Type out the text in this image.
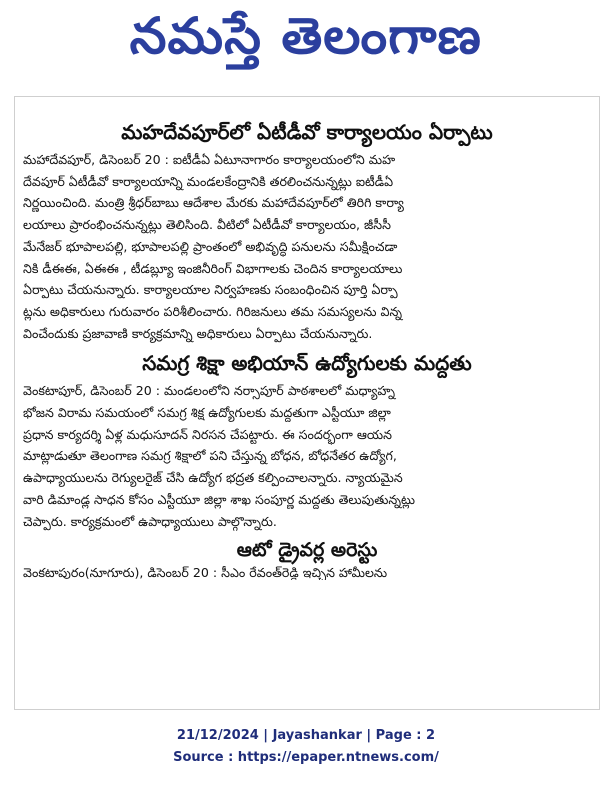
నమస్తే తెలంగాణ
మహదేవపూర్‌లో ఏటీడీవో కార్యాలయం ఏర్పాటు
మహాదేవపూర్‌, డిసెంబర్‌ 20 : ఐటీడీఏ ఏటూనాగారం కార్యాలయంలోని మహ
దేవపూర్‌ ఏటీడీవో కార్యాలయాన్ని మండలకేంద్రానికి తరలించనున్నట్లు ఐటీడీఏ
నిర్ణయించింది. మంత్రి శ్రీధర్‌బాబు ఆదేశాల మేరకు మహాదేవపూర్‌లో తిరిగి కార్యా
లయాలు ప్రారంభించనున్నట్లు తెలిసింది. వీటిలో ఏటీడీవో కార్యాలయం, జీసీసీ
మేనేజర్‌ భూపాలపల్లి, భూపాలపల్లి ప్రాంతంలో అభివృద్ధి పనులను సమీక్షించడా
నికి డీఈఈ, ఏఈఈ , టీడబ్ల్యూ ఇంజినీరింగ్‌ విభాగాలకు చెందిన కార్యాలయాలు
ఏర్పాటు చేయనున్నారు. కార్యాలయాల నిర్వహణకు సంబంధించిన పూర్తి ఏర్పా
ట్లను అధికారులు గురువారం పరిశీలించారు. గిరిజనులు తమ సమస్యలను విన్న
వించేందుకు ప్రజావాణి కార్యక్రమాన్ని అధికారులు ఏర్పాటు చేయనున్నారు.
సమగ్ర శిక్షా అభియాన్‌ ఉద్యోగులకు మద్దతు
వెంకటాపూర్‌, డిసెంబర్‌ 20 : మండలంలోని నర్సాపూర్‌ పాఠశాలలో మధ్యాహ్న
భోజన విరామ సమయంలో సమగ్ర శిక్ష ఉద్యోగులకు మద్దతుగా ఎస్టీయూ జిల్లా
ప్రధాన కార్యదర్శి ఏళ్ల మధుసూదన్‌ నిరసన చేపట్టారు. ఈ సందర్భంగా ఆయన
మాట్లాడుతూ తెలంగాణ సమగ్ర శిక్షాలో పని చేస్తున్న బోధన, బోధనేతర ఉద్యోగ,
ఉపాధ్యాయులను రెగ్యులరైజ్‌ చేసి ఉద్యోగ భద్రత కల్పించాలన్నారు. న్యాయమైన
వారి డిమాండ్ల సాధన కోసం ఎస్టీయూ జిల్లా శాఖ సంపూర్ణ మద్దతు తెలుపుతున్నట్లు
చెప్పారు. కార్యక్రమంలో ఉపాధ్యాయులు పాల్గొన్నారు.
ఆటో డ్రైవర్ల అరెస్టు
వెంకటాపురం(నూగూరు), డిసెంబర్‌ 20 : సీఎం రేవంత్‌రెడ్డి ఇచ్చిన హామీలను
21/12/2024 | Jayashankar | Page : 2
Source : https://epaper.ntnews.com/
